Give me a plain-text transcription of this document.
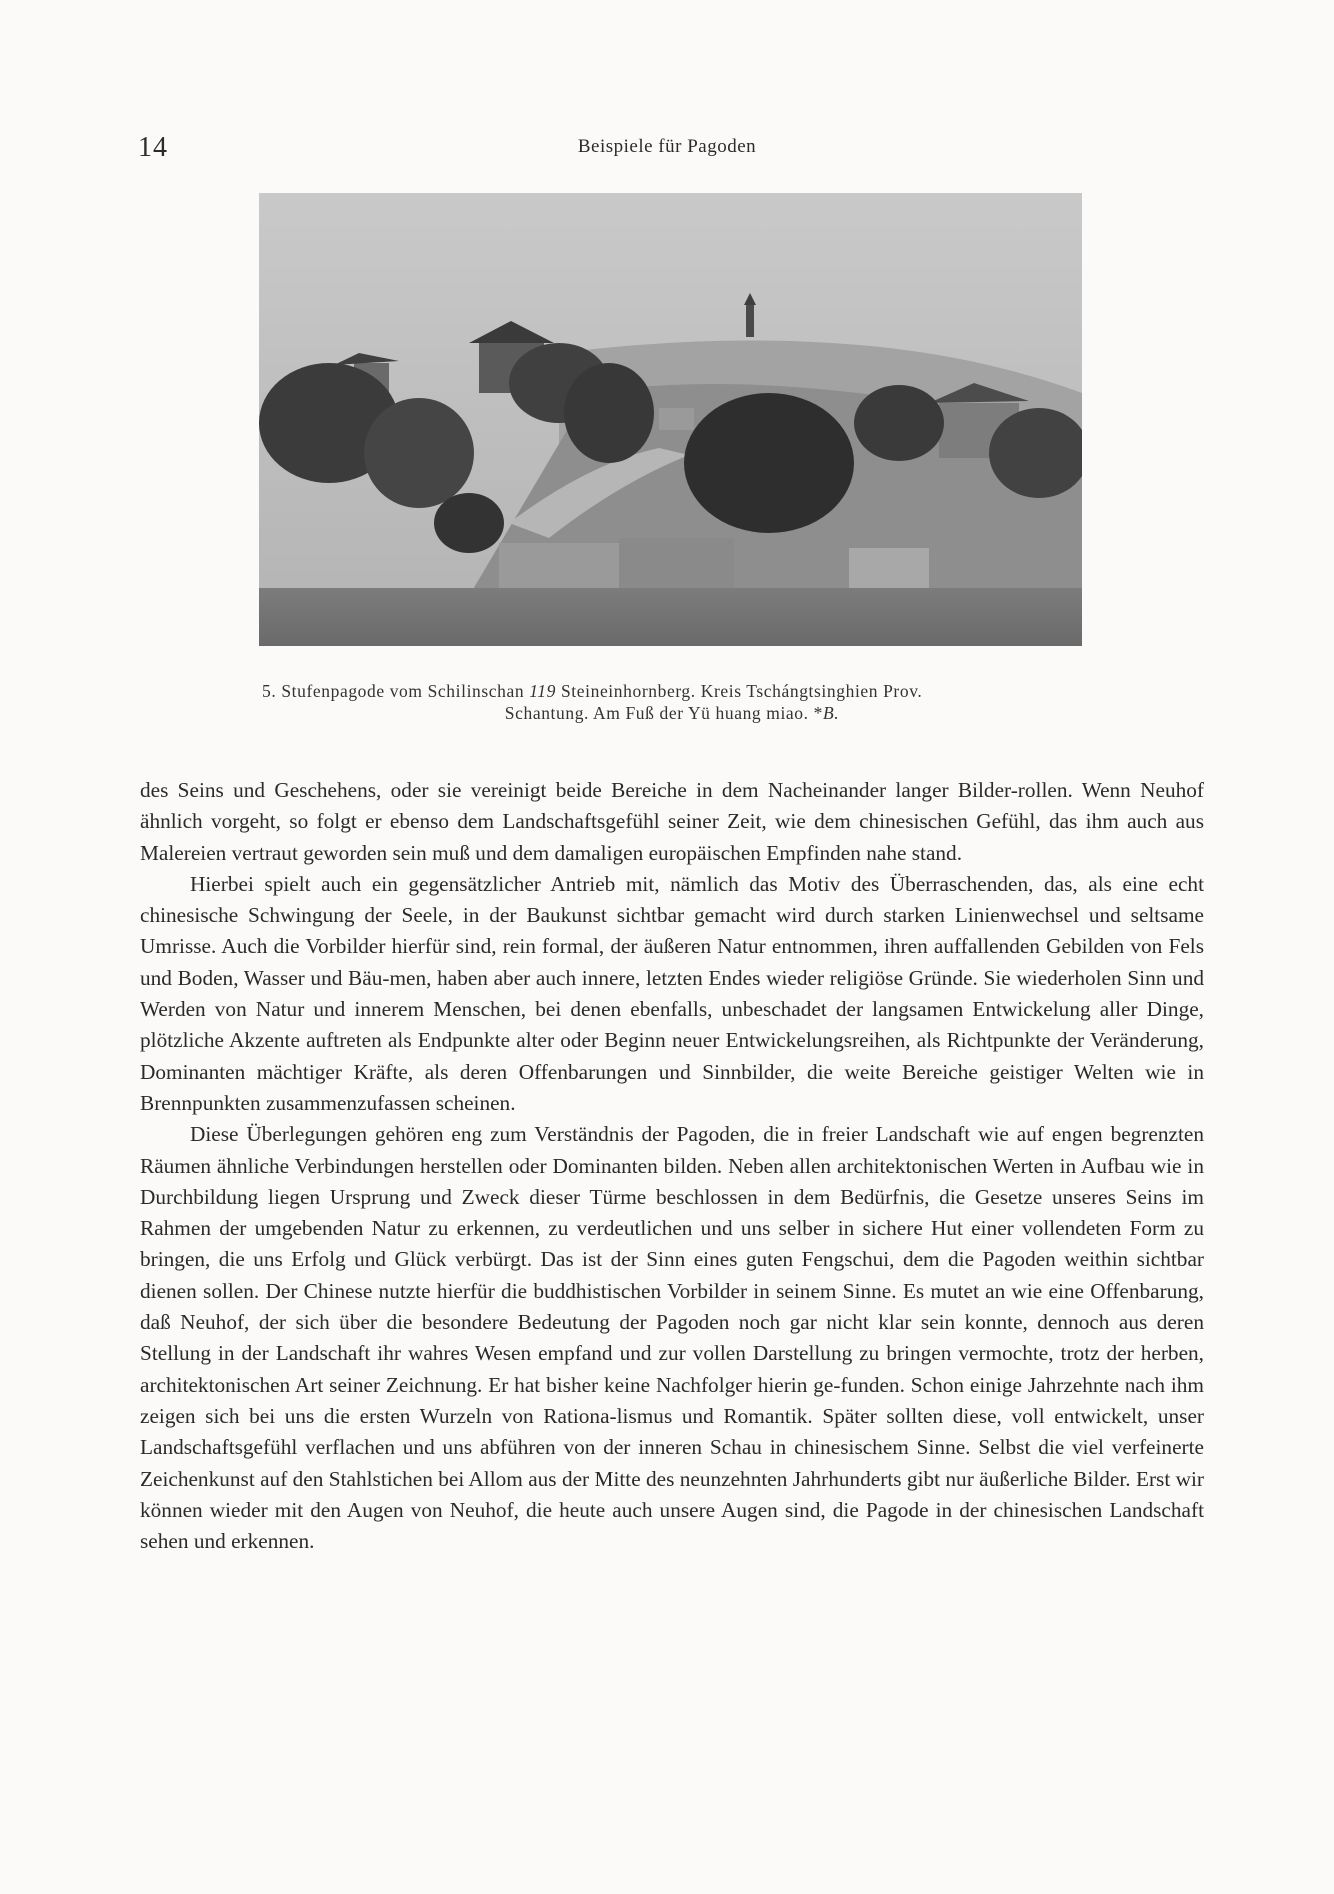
14	Beispiele für Pagoden
5. Stufenpagode vom Schilinschan 119 Steineinhornberg. Kreis Tschángtsinghien Prov.
Schantung. Am Fuß der Yü huang miao. *B.

des Seins und Geschehens, oder sie vereinigt beide Bereiche in dem Nacheinander langer Bilder-rollen. Wenn Neuhof ähnlich vorgeht, so folgt er ebenso dem Landschaftsgefühl seiner Zeit, wie dem chinesischen Gefühl, das ihm auch aus Malereien vertraut geworden sein muß und dem damaligen europäischen Empfinden nahe stand.

Hierbei spielt auch ein gegensätzlicher Antrieb mit, nämlich das Motiv des Überraschenden, das, als eine echt chinesische Schwingung der Seele, in der Baukunst sichtbar gemacht wird durch starken Linienwechsel und seltsame Umrisse. Auch die Vorbilder hierfür sind, rein formal, der äußeren Natur entnommen, ihren auffallenden Gebilden von Fels und Boden, Wasser und Bäu-men, haben aber auch innere, letzten Endes wieder religiöse Gründe. Sie wiederholen Sinn und Werden von Natur und innerem Menschen, bei denen ebenfalls, unbeschadet der langsamen Entwickelung aller Dinge, plötzliche Akzente auftreten als Endpunkte alter oder Beginn neuer Entwickelungsreihen, als Richtpunkte der Veränderung, Dominanten mächtiger Kräfte, als deren Offenbarungen und Sinnbilder, die weite Bereiche geistiger Welten wie in Brennpunkten zusammenzufassen scheinen.

Diese Überlegungen gehören eng zum Verständnis der Pagoden, die in freier Landschaft wie auf engen begrenzten Räumen ähnliche Verbindungen herstellen oder Dominanten bilden. Neben allen architektonischen Werten in Aufbau wie in Durchbildung liegen Ursprung und Zweck dieser Türme beschlossen in dem Bedürfnis, die Gesetze unseres Seins im Rahmen der umgebenden Natur zu erkennen, zu verdeutlichen und uns selber in sichere Hut einer vollendeten Form zu bringen, die uns Erfolg und Glück verbürgt. Das ist der Sinn eines guten Fengschui, dem die Pagoden weithin sichtbar dienen sollen. Der Chinese nutzte hierfür die buddhistischen Vorbilder in seinem Sinne. Es mutet an wie eine Offenbarung, daß Neuhof, der sich über die besondere Bedeutung der Pagoden noch gar nicht klar sein konnte, dennoch aus deren Stellung in der Landschaft ihr wahres Wesen empfand und zur vollen Darstellung zu bringen vermochte, trotz der herben, architektonischen Art seiner Zeichnung. Er hat bisher keine Nachfolger hierin ge-funden. Schon einige Jahrzehnte nach ihm zeigen sich bei uns die ersten Wurzeln von Rationa-lismus und Romantik. Später sollten diese, voll entwickelt, unser Landschaftsgefühl verflachen und uns abführen von der inneren Schau in chinesischem Sinne. Selbst die viel verfeinerte Zeichenkunst auf den Stahlstichen bei Allom aus der Mitte des neunzehnten Jahrhunderts gibt nur äußerliche Bilder. Erst wir können wieder mit den Augen von Neuhof, die heute auch unsere Augen sind, die Pagode in der chinesischen Landschaft sehen und erkennen.
